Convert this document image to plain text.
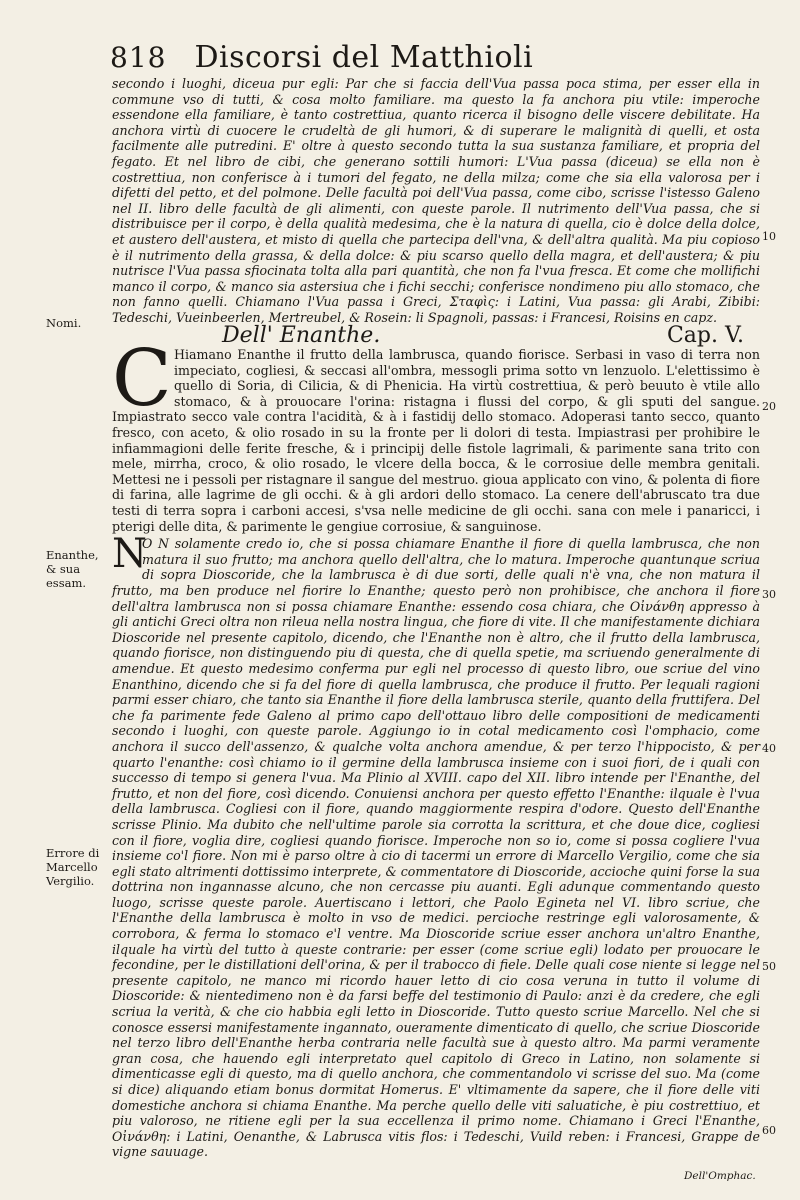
818 Discorsi del Matthioli

secondo i luoghi, diceua pur egli: Par che si faccia dell'Vua passa poca stima, per esser ella in commune vso di tutti, & cosa molto familiare. ma questo la fa anchora piu vtile: imperoche essendone ella familiare, è tanto costrettiua, quanto ricerca il bisogno delle viscere debilitate. Ha anchora virtù di cuocere le crudeltà de gli humori, & di superare le malignità di quelli, et osta facilmente alle putredini. E' oltre à questo secondo tutta la sua sustanza familiare, et propria del fegato. Et nel libro de cibi, che generano sottili humori: L'Vua passa (diceua) se ella non è costrettiua, non conferisce à i tumori del fegato, ne della milza; come che sia ella valorosa per i difetti del petto, et del polmone. Delle facultà poi dell'Vua passa, come cibo, scrisse l'istesso Galeno nel II. libro delle facultà de gli alimenti, con queste parole. Il nutrimento dell'Vua passa, che si distribuisce per il corpo, è della qualità medesima, che è la natura di quella, cio è dolce della dolce, et austero dell'austera, et misto di quella che partecipa dell'vna, & dell'altra qualità. Ma piu copioso è il nutrimento della grassa, & della dolce: & piu scarso quello della magra, et dell'austera; & piu nutrisce l'Vua passa sfiocinata tolta alla pari quantità, che non fa l'vua fresca. Et come che mollifichi manco il corpo, & manco sia astersiua che i fichi secchi; conferisce nondimeno piu allo stomaco, che non fanno quelli. Chiamano l'Vua passa i Greci, Σταφὶς: i Latini, Vua passa: gli Arabi, Zibibi: Tedeschi, Vueinbeerlen, Mertreubel, & Rosein: li Spagnoli, passas: i Francesi, Roisins en capz.

Dell' Enanthe.	Cap. V.
C Hiamano Enanthe il frutto della lambrusca, quando fiorisce. Serbasi in vaso di terra non impeciato, cogliesi, & seccasi all'ombra, messogli prima sotto vn lenzuolo. L'elettissimo è quello di Soria, di Cilicia, & di Phenicia. Ha virtù costrettiua, & però beuuto è vtile allo stomaco, & à prouocare l'orina: ristagna i flussi del corpo, & gli sputi del sangue. Impiastrato secco vale contra l'acidità, & à i fastidij dello stomaco. Adoperasi tanto secco, quanto fresco, con aceto, & olio rosado in su la fronte per li dolori di testa. Impiastrasi per prohibire le infiammagioni delle ferite fresche, & i principij delle fistole lagrimali, & parimente sana trito con mele, mirrha, croco, & olio rosado, le vlcere della bocca, & le corrosiue delle membra genitali. Mettesi ne i pessoli per ristagnare il sangue del mestruo. gioua applicato con vino, & polenta di fiore di farina, alle lagrime de gli occhi. & à gli ardori dello stomaco. La cenere dell'abruscato tra due testi di terra sopra i carboni accesi, s'vsa nelle medicine de gli occhi. sana con mele i panaricci, i pterigi delle dita, & parimente le gengiue corrosiue, & sanguinose.

N

O N solamente credo io, che si possa chiamare Enanthe il fiore di quella lambrusca, che non matura il suo frutto; ma anchora quello dell'altra, che lo matura. Imperoche quantunque scriua di sopra Dioscoride, che la lambrusca è di due sorti, delle quali n'è vna, che non matura il frutto, ma ben produce nel fiorire lo Enanthe; questo però non prohibisce, che anchora il fiore dell'altra lambrusca non si possa chiamare Enanthe: essendo cosa chiara, che Οἰνάνθη appresso à gli antichi Greci oltra non rileua nella nostra lingua, che fiore di vite. Il che manifestamente dichiara Dioscoride nel presente capitolo, dicendo, che l'Enanthe non è altro, che il frutto della lambrusca, quando fiorisce, non distinguendo piu di questa, che di quella spetie, ma scriuendo generalmente di amendue. Et questo medesimo conferma pur egli nel processo di questo libro, oue scriue del vino Enanthino, dicendo che si fa del fiore di quella lambrusca, che produce il frutto. Per lequali ragioni parmi esser chiaro, che tanto sia Enanthe il fiore della lambrusca sterile, quanto della fruttifera. Del che fa parimente fede Galeno al primo capo dell'ottauo libro delle compositioni de medicamenti secondo i luoghi, con queste parole. Aggiungo io in cotal medicamento così l'omphacio, come anchora il succo dell'assenzo, & qualche volta anchora amendue, & per terzo l'hippocisto, & per quarto l'enanthe: così chiamo io il germine della lambrusca insieme con i suoi fiori, de i quali con successo di tempo si genera l'vua. Ma Plinio al XVIII. capo del XII. libro intende per l'Enanthe, del frutto, et non del fiore, così dicendo. Conuiensi anchora per questo effetto l'Enanthe: ilquale è l'vua della lambrusca. Cogliesi con il fiore, quando maggiormente respira d'odore. Questo dell'Enanthe scrisse Plinio. Ma dubito che nell'ultime parole sia corrotta la scrittura, et che doue dice, cogliesi con il fiore, voglia dire, cogliesi quando fiorisce. Imperoche non so io, come si possa cogliere l'vua insieme co'l fiore. Non mi è parso oltre à cio di tacermi un errore di Marcello Vergilio, come che sia egli stato altrimenti dottissimo interprete, & commentatore di Dioscoride, accioche quini forse la sua dottrina non ingannasse alcuno, che non cercasse piu auanti. Egli adunque commentando questo luogo, scrisse queste parole. Auertiscano i lettori, che Paolo Egineta nel VI. libro scriue, che l'Enanthe della lambrusca è molto in vso de medici. percioche restringe egli valorosamente, & corrobora, & ferma lo stomaco e'l ventre. Ma Dioscoride scriue esser anchora un'altro Enanthe, ilquale ha virtù del tutto à queste contrarie: per esser (come scriue egli) lodato per prouocare le fecondine, per le distillationi dell'orina, & per il trabocco di fiele. Delle quali cose niente si legge nel presente capitolo, ne manco mi ricordo hauer letto di cio cosa veruna in tutto il volume di Dioscoride: & nientedimeno non è da farsi beffe del testimonio di Paulo: anzi è da credere, che egli scriua la verità, & che cio habbia egli letto in Dioscoride. Tutto questo scriue Marcello. Nel che si conosce essersi manifestamente ingannato, oueramente dimenticato di quello, che scriue Dioscoride nel terzo libro dell'Enanthe herba contraria nelle facultà sue à questo altro. Ma parmi veramente gran cosa, che hauendo egli interpretato quel capitolo di Greco in Latino, non solamente si dimenticasse egli di questo, ma di quello anchora, che commentandolo vi scrisse del suo. Ma (come si dice) aliquando etiam bonus dormitat Homerus. E' vltimamente da sapere, che il fiore delle viti domestiche anchora si chiama Enanthe. Ma perche quello delle viti saluatiche, è piu costrettiuo, et piu valoroso, ne ritiene egli per la sua eccellenza il primo nome. Chiamano i Greci l'Enanthe, Οἰνάνθη: i Latini, Oenanthe, & Labrusca vitis flos: i Tedeschi, Vuild reben: i Francesi, Grappe de vigne sauuage.

Nomi.
Enanthe, & sua essam.
Errore di Marcello Vergilio.
10
20
30
40
50
60
Dell'Omphac.
